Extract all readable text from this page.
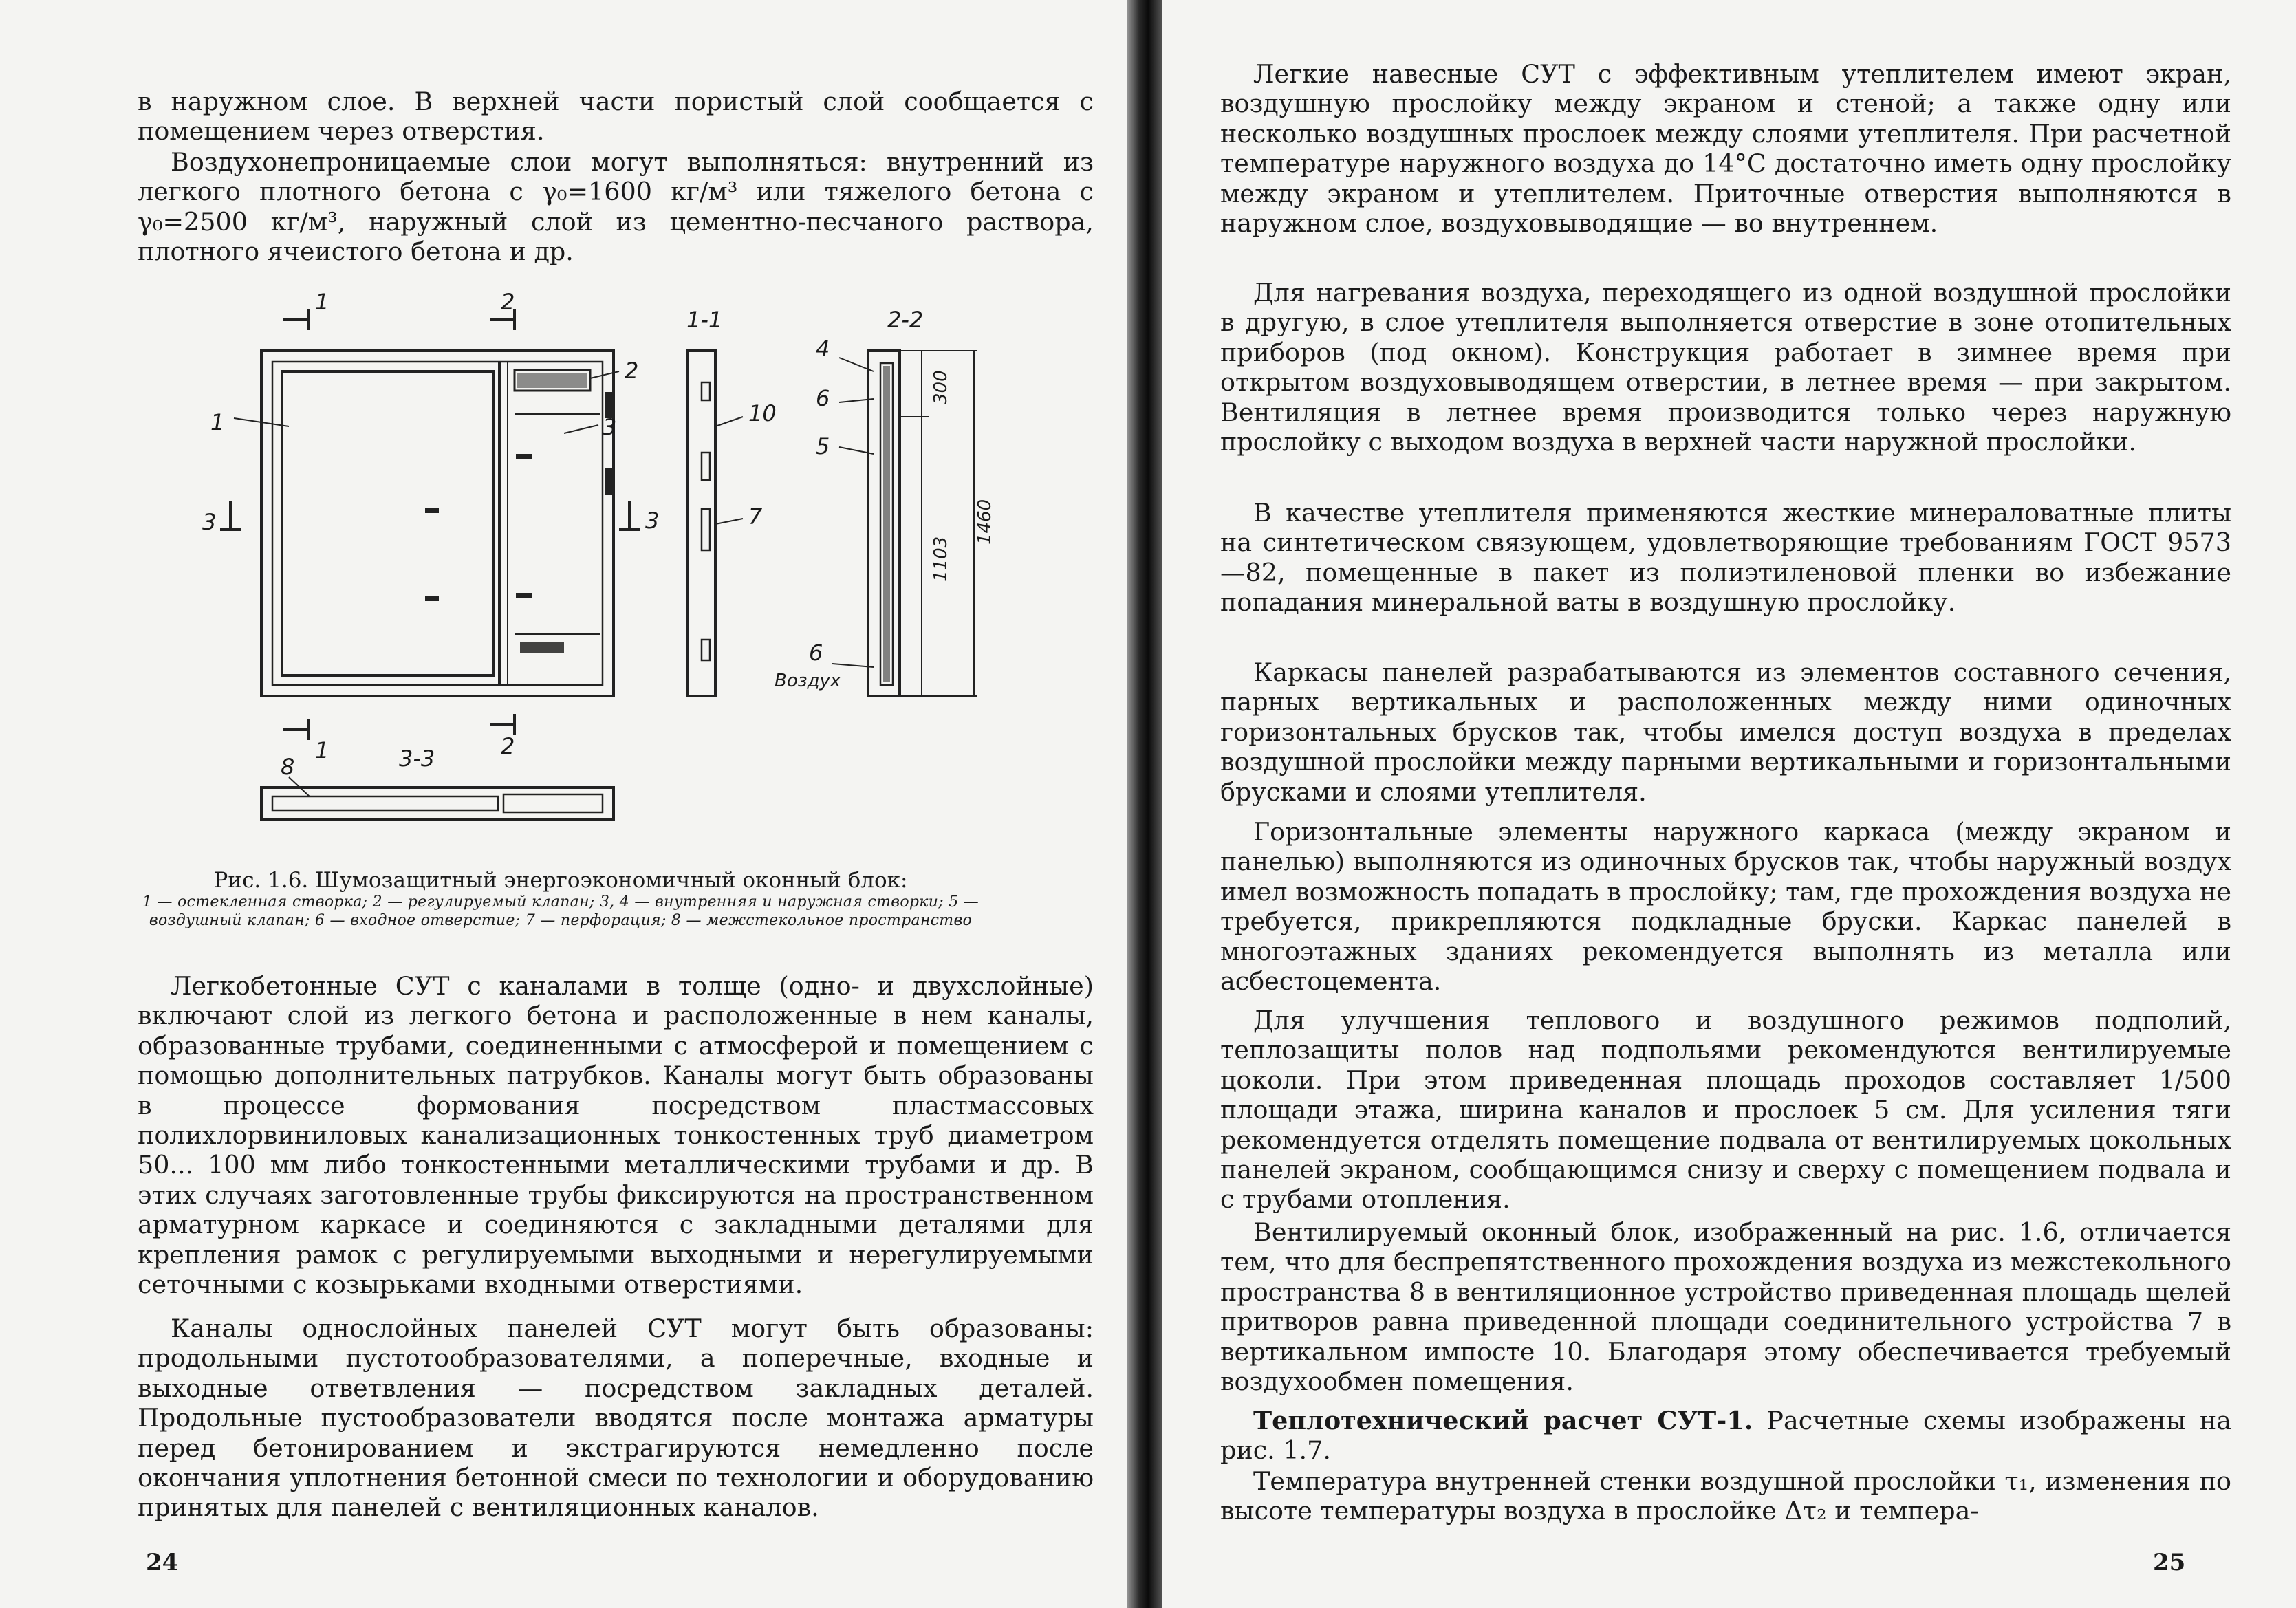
в наружном слое. В верхней части пористый слой сообщается с помещением через отверстия.

Воздухонепроницаемые слои могут выполняться: внутренний из легкого плотного бетона с γ₀=1600 кг/м³ или тяжелого бетона с γ₀=2500 кг/м³, наружный слой из цементно-песчаного раствора, плотного ячеистого бетона и др.

1	2
1
2
3
3	3
1	2
3-3
8
1-1
10
7
2-2
4
6
5
6
Воздух
300
1103
1460
Рис. 1.6. Шумозащитный энергоэкономичный оконный блок:
1 — остекленная створка; 2 — регулируемый клапан; 3, 4 — внутренняя и наружная створки; 5 — воздушный клапан; 6 — входное отверстие; 7 — перфорация; 8 — межстекольное пространство

Легкобетонные СУТ с каналами в толще (одно- и двухслойные) включают слой из легкого бетона и расположенные в нем каналы, образованные трубами, соединенными с атмосферой и помещением с помощью дополнительных патрубков. Каналы могут быть образованы в процессе формования посредством пластмассовых полихлорвиниловых канализационных тонкостенных труб диаметром 50... 100 мм либо тонкостенными металлическими трубами и др. В этих случаях заготовленные трубы фиксируются на пространственном арматурном каркасе и соединяются с закладными деталями для крепления рамок с регулируемыми выходными и нерегулируемыми сеточными с козырьками входными отверстиями.

Каналы однослойных панелей СУТ могут быть образованы: продольными пустотообразователями, а поперечные, входные и выходные ответвления — посредством закладных деталей. Продольные пустообразователи вводятся после монтажа арматуры перед бетонированием и экстрагируются немедленно после окончания уплотнения бетонной смеси по технологии и оборудованию принятых для панелей с вентиляционных каналов.

24

Легкие навесные СУТ с эффективным утеплителем имеют экран, воздушную прослойку между экраном и стеной; а также одну или несколько воздушных прослоек между слоями утеплителя. При расчетной температуре наружного воздуха до 14°С достаточно иметь одну прослойку между экраном и утеплителем. Приточные отверстия выполняются в наружном слое, воздуховыводящие — во внутреннем.

Для нагревания воздуха, переходящего из одной воздушной прослойки в другую, в слое утеплителя выполняется отверстие в зоне отопительных приборов (под окном). Конструкция работает в зимнее время при открытом воздуховыводящем отверстии, в летнее время — при закрытом. Вентиляция в летнее время производится только через наружную прослойку с выходом воздуха в верхней части наружной прослойки.

В качестве утеплителя применяются жесткие минераловатные плиты на синтетическом связующем, удовлетворяющие требованиям ГОСТ 9573—82, помещенные в пакет из полиэтиленовой пленки во избежание попадания минеральной ваты в воздушную прослойку.

Каркасы панелей разрабатываются из элементов составного сечения, парных вертикальных и расположенных между ними одиночных горизонтальных брусков так, чтобы имелся доступ воздуха в пределах воздушной прослойки между парными вертикальными и горизонтальными брусками и слоями утеплителя.

Горизонтальные элементы наружного каркаса (между экраном и панелью) выполняются из одиночных брусков так, чтобы наружный воздух имел возможность попадать в прослойку; там, где прохождения воздуха не требуется, прикрепляются подкладные бруски. Каркас панелей в многоэтажных зданиях рекомендуется выполнять из металла или асбестоцемента.

Для улучшения теплового и воздушного режимов подполий, теплозащиты полов над подпольями рекомендуются вентилируемые цоколи. При этом приведенная площадь проходов составляет 1/500 площади этажа, ширина каналов и прослоек 5 см. Для усиления тяги рекомендуется отделять помещение подвала от вентилируемых цокольных панелей экраном, сообщающимся снизу и сверху с помещением подвала и с трубами отопления.

Вентилируемый оконный блок, изображенный на рис. 1.6, отличается тем, что для беспрепятственного прохождения воздуха из межстекольного пространства 8 в вентиляционное устройство приведенная площадь щелей притворов равна приведенной площади соединительного устройства 7 в вертикальном импосте 10. Благодаря этому обеспечивается требуемый воздухообмен помещения.

Теплотехнический расчет СУТ-1. Расчетные схемы изображены на рис. 1.7.

Температура внутренней стенки воздушной прослойки τ₁, изменения по высоте температуры воздуха в прослойке Δτ₂ и темпера-

25
